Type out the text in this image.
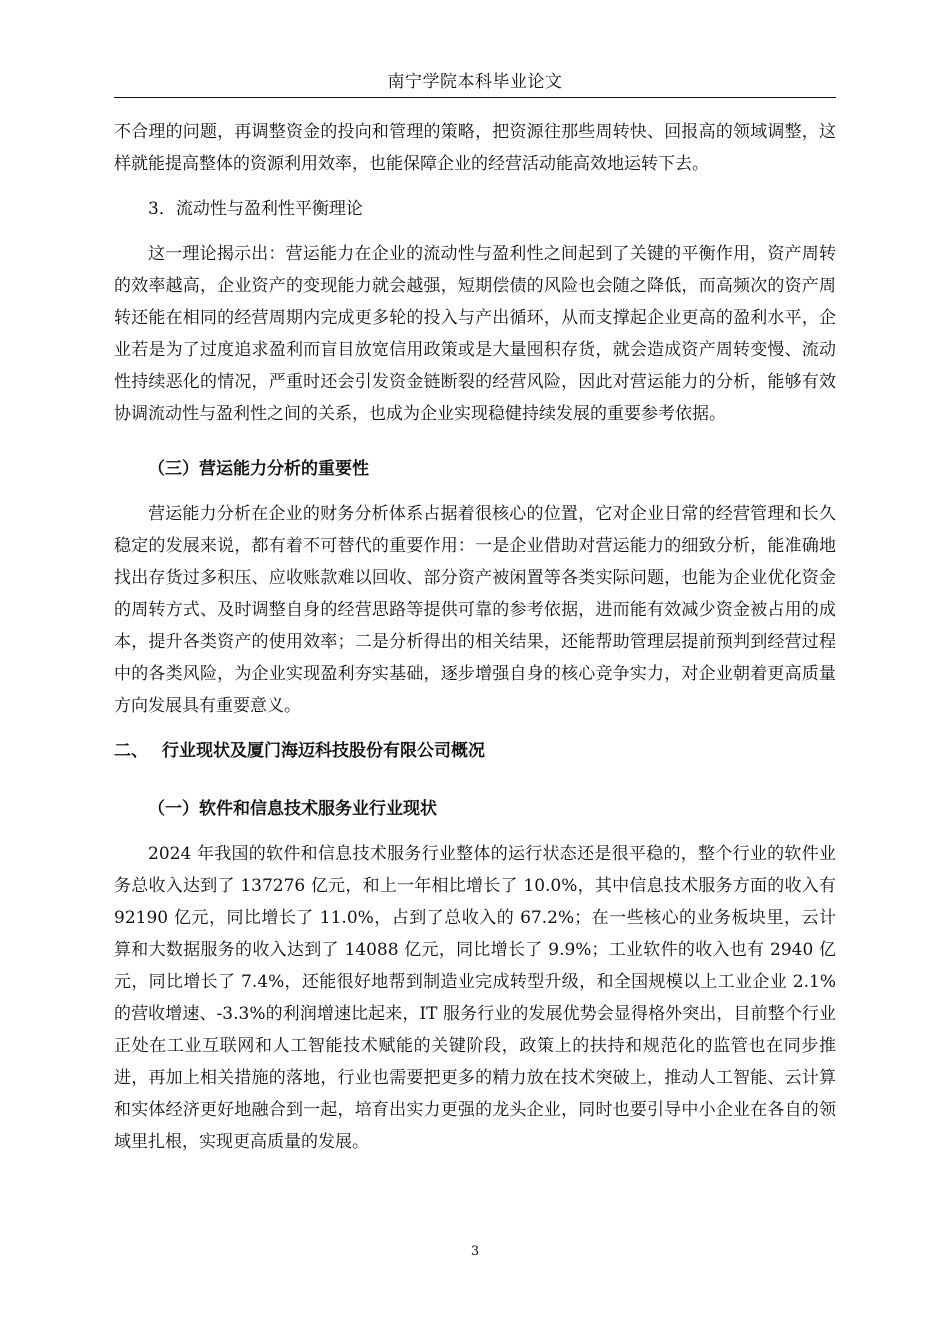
南宁学院本科毕业论文

不合理的问题，再调整资金的投向和管理的策略，把资源往那些周转快、回报高的领域调整，这样就能提高整体的资源利用效率，也能保障企业的经营活动能高效地运转下去。

3．流动性与盈利性平衡理论

这一理论揭示出：营运能力在企业的流动性与盈利性之间起到了关键的平衡作用，资产周转的效率越高，企业资产的变现能力就会越强，短期偿债的风险也会随之降低，而高频次的资产周转还能在相同的经营周期内完成更多轮的投入与产出循环，从而支撑起企业更高的盈利水平，企业若是为了过度追求盈利而盲目放宽信用政策或是大量囤积存货，就会造成资产周转变慢、流动性持续恶化的情况，严重时还会引发资金链断裂的经营风险，因此对营运能力的分析，能够有效协调流动性与盈利性之间的关系，也成为企业实现稳健持续发展的重要参考依据。

（三）营运能力分析的重要性

营运能力分析在企业的财务分析体系占据着很核心的位置，它对企业日常的经营管理和长久稳定的发展来说，都有着不可替代的重要作用：一是企业借助对营运能力的细致分析，能准确地找出存货过多积压、应收账款难以回收、部分资产被闲置等各类实际问题，也能为企业优化资金的周转方式、及时调整自身的经营思路等提供可靠的参考依据，进而能有效减少资金被占用的成本，提升各类资产的使用效率；二是分析得出的相关结果，还能帮助管理层提前预判到经营过程中的各类风险，为企业实现盈利夯实基础，逐步增强自身的核心竞争实力，对企业朝着更高质量方向发展具有重要意义。

二、 行业现状及厦门海迈科技股份有限公司概况
（一）软件和信息技术服务业行业现状

2024 年我国的软件和信息技术服务行业整体的运行状态还是很平稳的，整个行业的软件业务总收入达到了 137276 亿元，和上一年相比增长了 10.0%，其中信息技术服务方面的收入有 92190 亿元，同比增长了 11.0%，占到了总收入的 67.2%；在一些核心的业务板块里，云计算和大数据服务的收入达到了 14088 亿元，同比增长了 9.9%；工业软件的收入也有 2940 亿元，同比增长了 7.4%，还能很好地帮到制造业完成转型升级，和全国规模以上工业企业 2.1%的营收增速、-3.3%的利润增速比起来，IT 服务行业的发展优势会显得格外突出，目前整个行业正处在工业互联网和人工智能技术赋能的关键阶段，政策上的扶持和规范化的监管也在同步推进，再加上相关措施的落地，行业也需要把更多的精力放在技术突破上，推动人工智能、云计算和实体经济更好地融合到一起，培育出实力更强的龙头企业，同时也要引导中小企业在各自的领域里扎根，实现更高质量的发展。

3
